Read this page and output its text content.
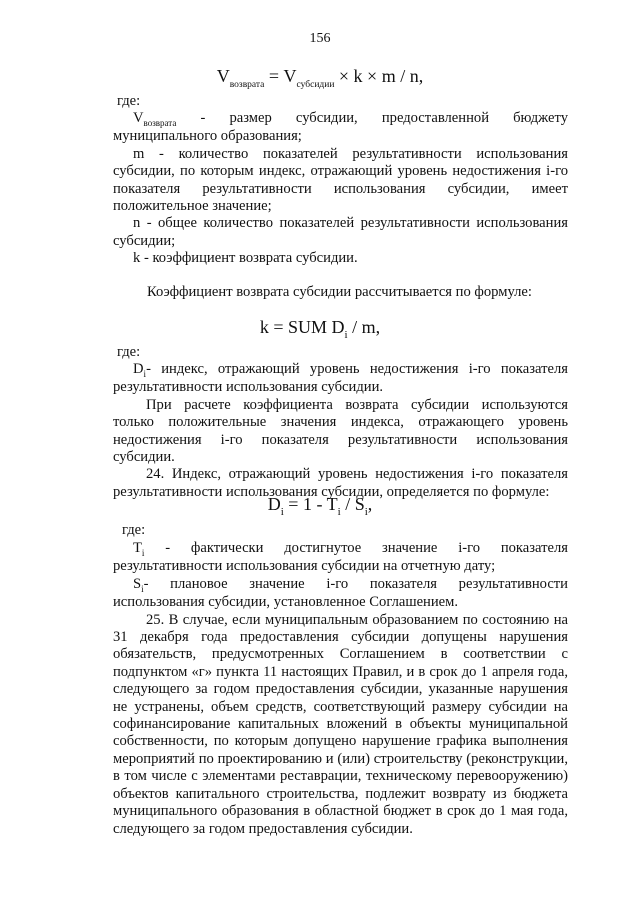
156
$V_{возврата} = V_{субсидии} \times k \times m / n$,

где:

$V_{возврата}$ - размер субсидии, предоставленной бюджету муниципального образования;

m - количество показателей результативности использования субсидии, по которым индекс, отражающий уровень недостижения i-го показателя результативности использования субсидии, имеет положительное значение;

n - общее количество показателей результативности использования субсидии;

k - коэффициент возврата субсидии.

Коэффициент возврата субсидии рассчитывается по формуле:

k = SUM $D_i$ / m,

где:

$D_i-$ индекс, отражающий уровень недостижения i-го показателя результативности использования субсидии.

При расчете коэффициента возврата субсидии используются только положительные значения индекса, отражающего уровень недостижения i-го показателя результативности использования субсидии.

24. Индекс, отражающий уровень недостижения i-го показателя результативности использования субсидии, определяется по формуле:

$D_i = 1 - T_i / S_i$,

где:

$T_i$ - фактически достигнутое значение i-го показателя результативности использования субсидии на отчетную дату;

$S_i-$ плановое значение i-го показателя результативности использования субсидии, установленное Соглашением.

25. В случае, если муниципальным образованием по состоянию на 31 декабря года предоставления субсидии допущены нарушения обязательств, предусмотренных Соглашением в соответствии с подпунктом «г» пункта 11 настоящих Правил, и в срок до 1 апреля года, следующего за годом предоставления субсидии, указанные нарушения не устранены, объем средств, соответствующий размеру субсидии на софинансирование капитальных вложений в объекты муниципальной собственности, по которым допущено нарушение графика выполнения мероприятий по проектированию и (или) строительству (реконструкции, в том числе с элементами реставрации, техническому перевооружению) объектов капитального строительства, подлежит возврату из бюджета муниципального образования в областной бюджет в срок до 1 мая года, следующего за годом предоставления субсидии.
